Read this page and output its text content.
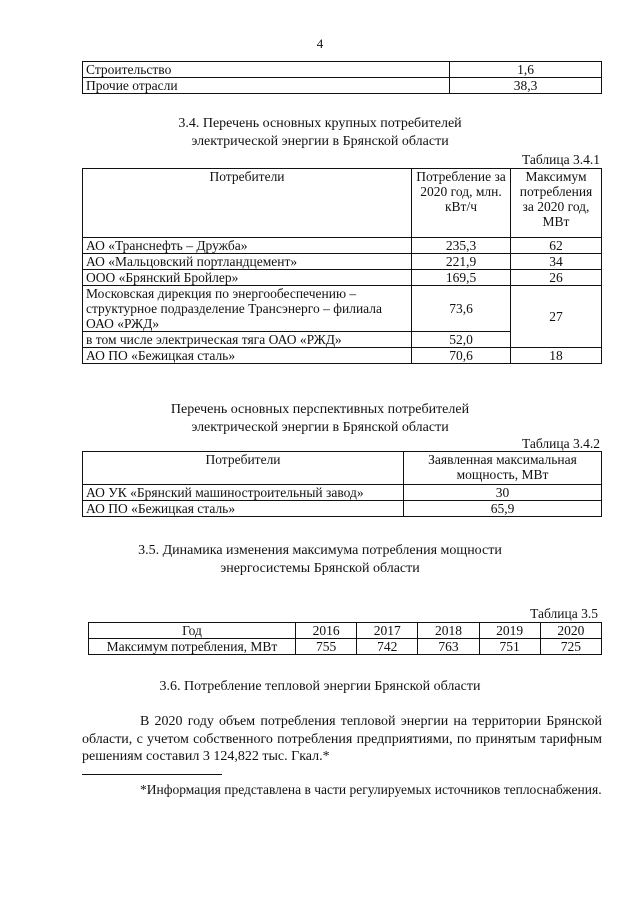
4
Строительство	1,6
Прочие отрасли	38,3
3.4. Перечень основных крупных потребителей
электрической энергии в Брянской области
Таблица 3.4.1
Потребители	Потребление за 2020 год, млн. кВт/ч	Максимум потребления за 2020 год, МВт
АО «Транснефть – Дружба»	235,3	62
АО «Мальцовский портландцемент»	221,9	34
ООО «Брянский Бройлер»	169,5	26
Московская дирекция по энергообеспечению – структурное подразделение Трансэнерго – филиала ОАО «РЖД»	73,6	27
в том числе электрическая тяга ОАО «РЖД»	52,0	
АО ПО «Бежицкая сталь»	70,6	18
Перечень основных перспективных потребителей
электрической энергии в Брянской области
Таблица 3.4.2
Потребители	Заявленная максимальная мощность, МВт
АО УК «Брянский машиностроительный завод»	30
АО ПО «Бежицкая сталь»	65,9
3.5. Динамика изменения максимума потребления мощности
энергосистемы Брянской области
Таблица 3.5
Год	2016	2017	2018	2019	2020
Максимум потребления, МВт	755	742	763	751	725
3.6. Потребление тепловой энергии Брянской области
В 2020 году объем потребления тепловой энергии на территории Брянской области, с учетом собственного потребления предприятиями, по принятым тарифным решениям составил 3 124,822 тыс. Гкал.*
*Информация представлена в части регулируемых источников теплоснабжения.
